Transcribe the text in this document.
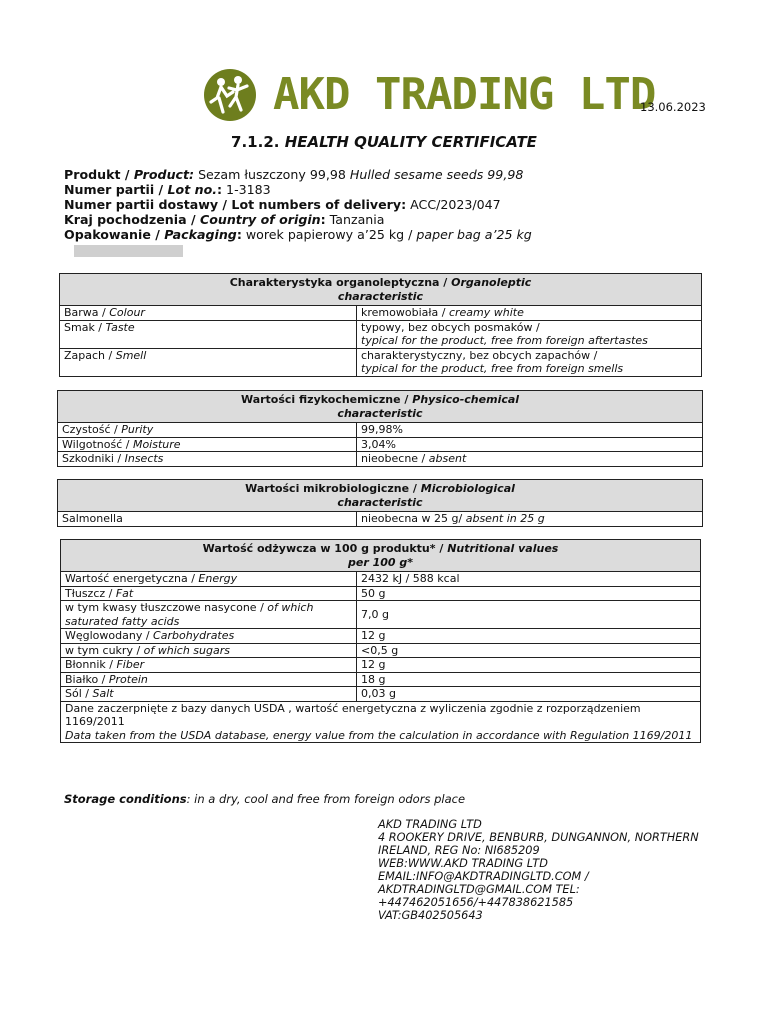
AKD TRADING LTD
13.06.2023
7.1.2. HEALTH QUALITY CERTIFICATE
Produkt / Product: Sezam łuszczony 99,98 Hulled sesame seeds 99,98
Numer partii / Lot no.: 1-3183
Numer partii dostawy / Lot numbers of delivery: ACC/2023/047
Kraj pochodzenia / Country of origin: Tanzania
Opakowanie / Packaging: worek papierowy a’25 kg / paper bag a’25 kg
Charakterystyka organoleptyczna / Organoleptic
characteristic	
Barwa / Colour	kremowobiała / creamy white
Smak / Taste	typowy, bez obcych posmaków /
typical for the product, free from foreign aftertastes
Zapach / Smell	charakterystyczny, bez obcych zapachów /
typical for the product, free from foreign smells
Wartości fizykochemiczne / Physico-chemical
characteristic	
Czystość / Purity	99,98%
Wilgotność / Moisture	3,04%
Szkodniki / Insects	nieobecne / absent
Wartości mikrobiologiczne / Microbiological
characteristic
Salmonella	nieobecna w 25 g/ absent in 25 g
Wartość odżywcza w 100 g produktu* / Nutritional values
per 100 g*	
Wartość energetyczna / Energy	2432 kJ / 588 kcal
Tłuszcz / Fat	50 g
w tym kwasy tłuszczowe nasycone / of which
saturated fatty acids	7,0 g
Węglowodany / Carbohydrates	12 g
w tym cukry / of which sugars	<0,5 g
Błonnik / Fiber	12 g
Białko / Protein	18 g
Sól / Salt	0,03 g

Dane zaczerpnięte z bazy danych USDA , wartość energetyczna z wyliczenia zgodnie z rozporządzeniem 1169/2011
Data taken from the USDA database, energy value from the calculation in accordance with Regulation 1169/2011	
Storage conditions: in a dry, cool and free from foreign odors place
AKD TRADING LTD
4 ROOKERY DRIVE, BENBURB, DUNGANNON, NORTHERN
IRELAND, REG No: NI685209
WEB:WWW.AKD TRADING LTD
EMAIL:INFO@AKDTRADINGLTD.COM /
AKDTRADINGLTD@GMAIL.COM TEL:
+447462051656/+447838621585
VAT:GB402505643
